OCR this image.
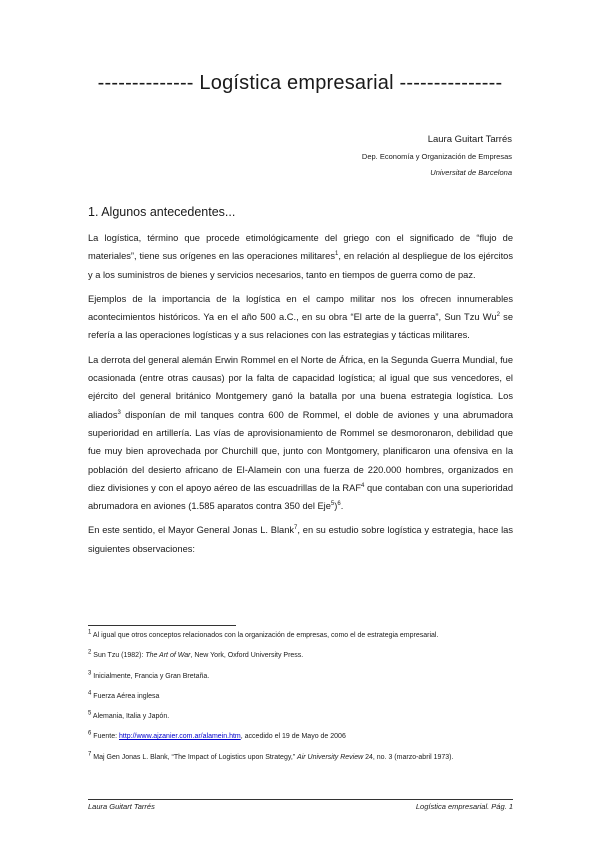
-------------- Logística empresarial ---------------
Laura Guitart Tarrés
Dep. Economía y Organización de Empresas
Universitat de Barcelona
1. Algunos antecedentes...

La logística, término que procede etimológicamente del griego con el significado de “flujo de materiales”, tiene sus orígenes en las operaciones militares$^1$, en relación al despliegue de los ejércitos y a los suministros de bienes y servicios necesarios, tanto en tiempos de guerra como de paz.

Ejemplos de la importancia de la logística en el campo militar nos los ofrecen innumerables acontecimientos históricos. Ya en el año 500 a.C., en su obra “El arte de la guerra”, Sun Tzu Wu$^2$ se refería a las operaciones logísticas y a sus relaciones con las estrategias y tácticas militares.

La derrota del general alemán Erwin Rommel en el Norte de África, en la Segunda Guerra Mundial, fue ocasionada (entre otras causas) por la falta de capacidad logística; al igual que sus vencedores, el ejército del general británico Montgemery ganó la batalla por una buena estrategia logística. Los aliados$^3$ disponían de mil tanques contra 600 de Rommel, el doble de aviones y una abrumadora superioridad en artillería. Las vías de aprovisionamiento de Rommel se desmoronaron, debilidad que fue muy bien aprovechada por Churchill que, junto con Montgomery, planificaron una ofensiva en la población del desierto africano de El-Alamein con una fuerza de 220.000 hombres, organizados en diez divisiones y con el apoyo aéreo de las escuadrillas de la RAF$^4$ que contaban con una superioridad abrumadora en aviones (1.585 aparatos contra 350 del Eje$^5$)$^6$.

En este sentido, el Mayor General Jonas L. Blank$^7$, en su estudio sobre logística y estrategia, hace las siguientes observaciones:

$^1$ Al igual que otros conceptos relacionados con la organización de empresas, como el de estrategia empresarial.
$^2$ Sun Tzu (1982): The Art of War, New York, Oxford University Press.
$^3$ Inicialmente, Francia y Gran Bretaña.
$^4$ Fuerza Aérea inglesa
$^5$ Alemania, Italia y Japón.
$^6$ Fuente: http://www.ajzanier.com.ar/alamein.htm, accedido el 19 de Mayo de 2006
$^7$ Maj Gen Jonas L. Blank, “The Impact of Logistics upon Strategy,” Air University Review 24, no. 3 (marzo-abril 1973).
Laura Guitart Tarrés	Logística empresarial. Pág. 1
